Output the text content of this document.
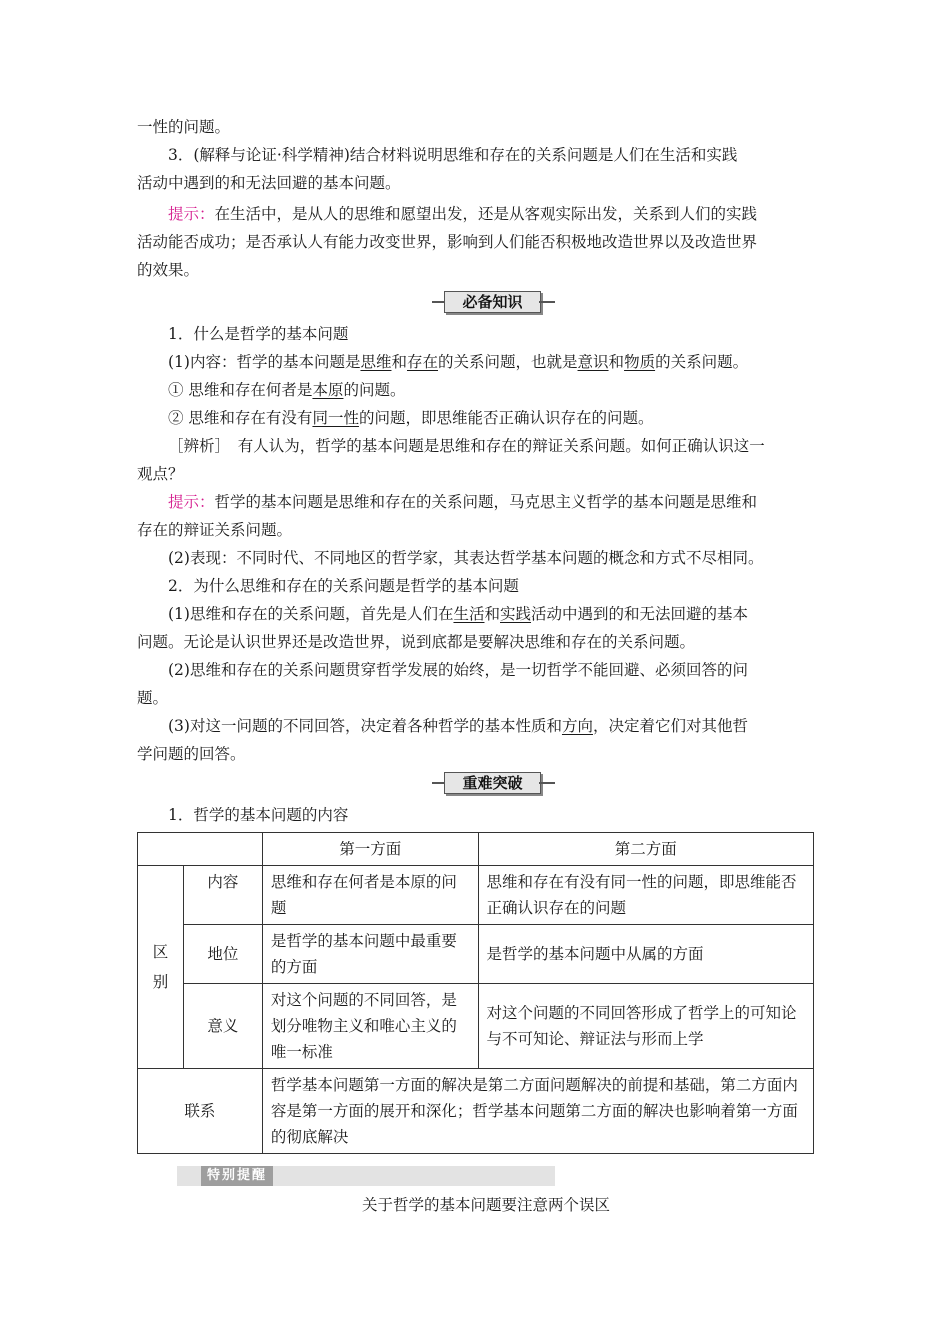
一性的问题。
3．(解释与论证·科学精神)结合材料说明思维和存在的关系问题是人们在生活和实践
活动中遇到的和无法回避的基本问题。
提示：在生活中，是从人的思维和愿望出发，还是从客观实际出发，关系到人们的实践
活动能否成功；是否承认人有能力改变世界，影响到人们能否积极地改造世界以及改造世界
的效果。
必备知识
1．什么是哲学的基本问题
(1)内容：哲学的基本问题是思维和存在的关系问题，也就是意识和物质的关系问题。
① 思维和存在何者是本原的问题。
② 思维和存在有没有同一性的问题，即思维能否正确认识存在的问题。
［辨析］　有人认为，哲学的基本问题是思维和存在的辩证关系问题。如何正确认识这一
观点？
提示：哲学的基本问题是思维和存在的关系问题，马克思主义哲学的基本问题是思维和
存在的辩证关系问题。
(2)表现：不同时代、不同地区的哲学家，其表达哲学基本问题的概念和方式不尽相同。
2．为什么思维和存在的关系问题是哲学的基本问题
(1)思维和存在的关系问题，首先是人们在生活和实践活动中遇到的和无法回避的基本
问题。无论是认识世界还是改造世界，说到底都是要解决思维和存在的关系问题。
(2)思维和存在的关系问题贯穿哲学发展的始终，是一切哲学不能回避、必须回答的问
题。
(3)对这一问题的不同回答，决定着各种哲学的基本性质和方向，决定着它们对其他哲
学问题的回答。
重难突破
1．哲学的基本问题的内容
		第一方面	第二方面
区
别	内容	思维和存在何者是本原的问题	思维和存在有没有同一性的问题，即思维能否正确认识存在的问题
	地位	是哲学的基本问题中最重要的方面	是哲学的基本问题中从属的方面
	意义	对这个问题的不同回答，是划分唯物主义和唯心主义的唯一标准	对这个问题的不同回答形成了哲学上的可知论与不可知论、辩证法与形而上学
联系		哲学基本问题第一方面的解决是第二方面问题解决的前提和基础，第二方面内容是第一方面的展开和深化；哲学基本问题第二方面的解决也影响着第一方面的彻底解决	
特别提醒
关于哲学的基本问题要注意两个误区
